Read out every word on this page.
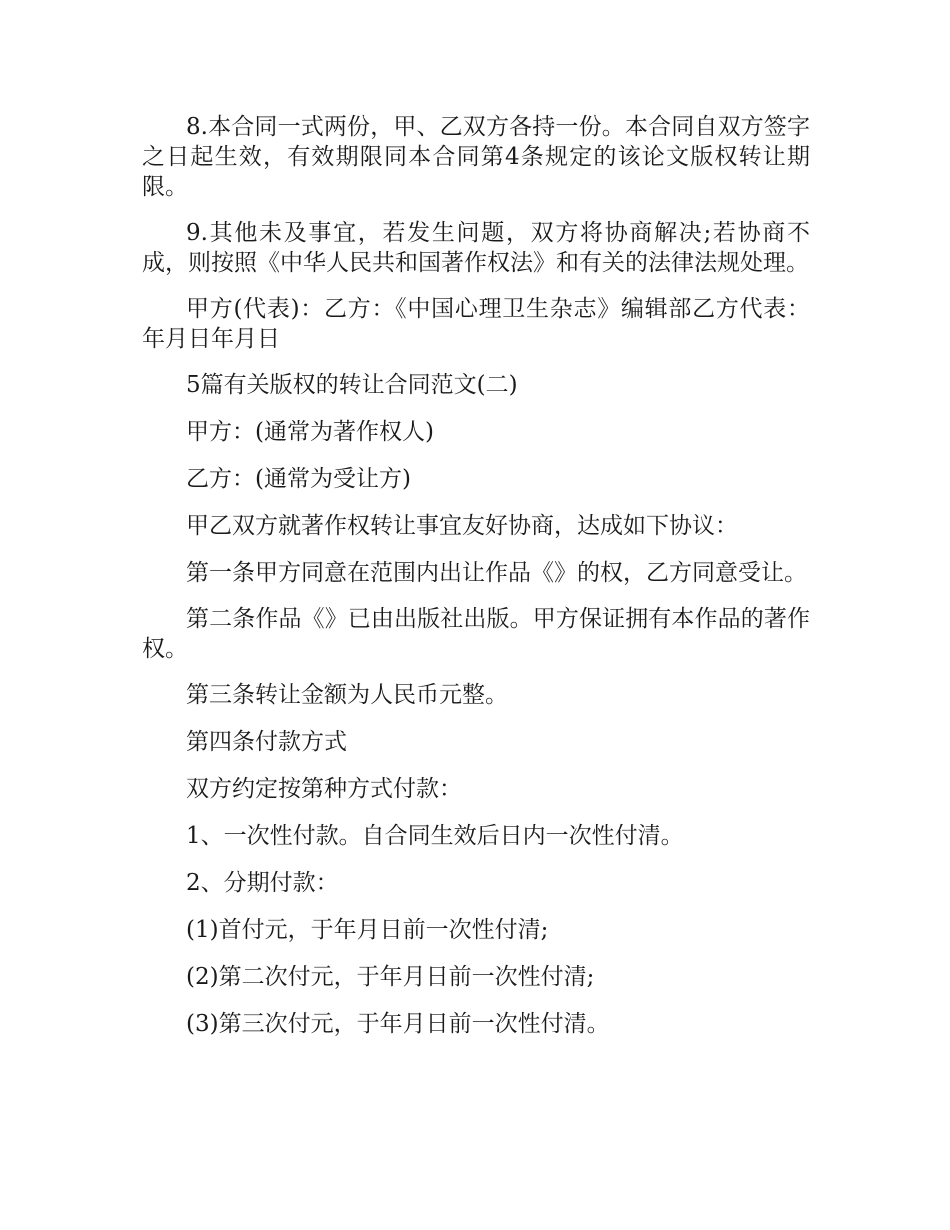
8.本合同一式两份，甲、乙双方各持一份。本合同自双方签字之日起生效，有效期限同本合同第4条规定的该论文版权转让期限。

9.其他未及事宜，若发生问题，双方将协商解决;若协商不成，则按照《中华人民共和国著作权法》和有关的法律法规处理。

甲方(代表)：乙方：《中国心理卫生杂志》编辑部乙方代表：年月日年月日

5篇有关版权的转让合同范文(二)

甲方：(通常为著作权人)

乙方：(通常为受让方)

甲乙双方就著作权转让事宜友好协商，达成如下协议：

第一条甲方同意在范围内出让作品《》的权，乙方同意受让。

第二条作品《》已由出版社出版。甲方保证拥有本作品的著作权。

第三条转让金额为人民币元整。

第四条付款方式

双方约定按第种方式付款：

1、一次性付款。自合同生效后日内一次性付清。

2、分期付款：

(1)首付元，于年月日前一次性付清;

(2)第二次付元，于年月日前一次性付清;

(3)第三次付元，于年月日前一次性付清。
